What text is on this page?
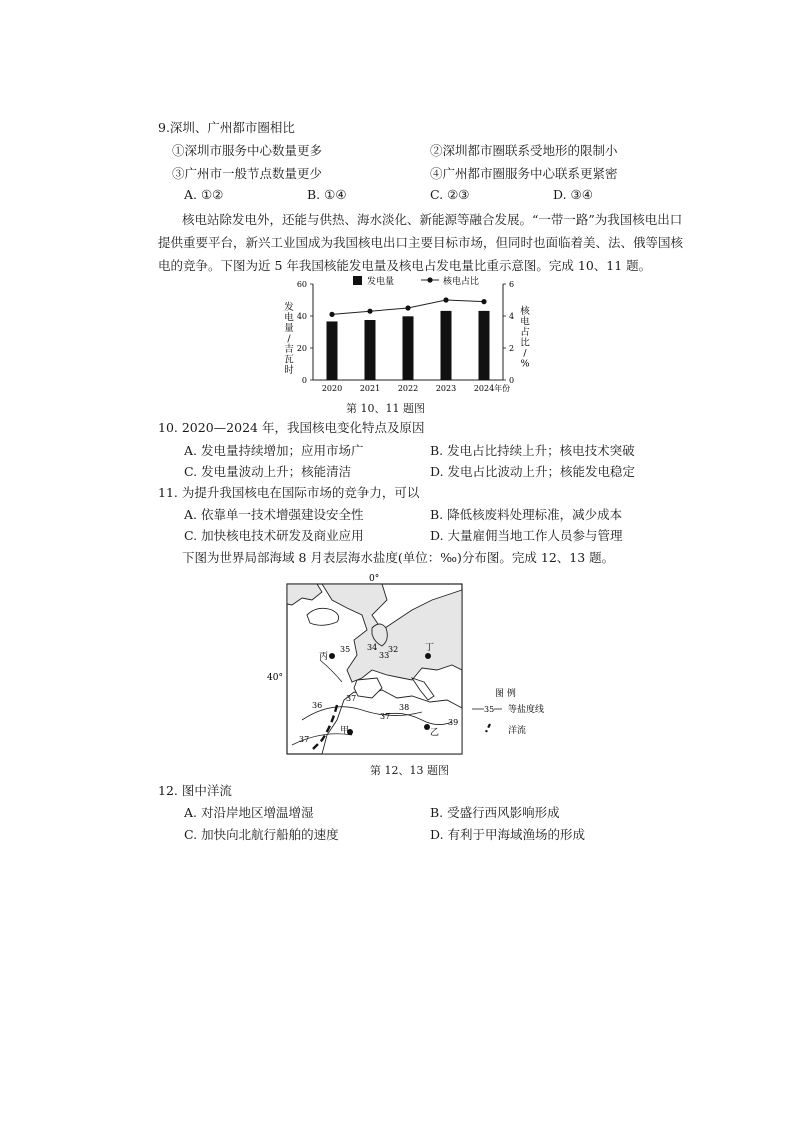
9.深圳、广州都市圈相比
①深圳市服务中心数量更多	②深圳都市圈联系受地形的限制小
③广州市一般节点数量更少	④广州都市圈服务中心联系更紧密
A. ①②	B. ①④	C. ②③	D. ③④
核电站除发电外，还能与供热、海水淡化、新能源等融合发展。“一带一路”为我国核电出口
提供重要平台，新兴工业国成为我国核电出口主要目标市场，但同时也面临着美、法、俄等国核
电的竞争。下图为近 5 年我国核能发电量及核电占发电量比重示意图。完成 10、11 题。
60
40
20
0
6
4
2
0
发
电
量
∕
吉
瓦
时
核
电
占
比
/
%
2020 2021 2022 2023 2024年份
发电量	核电占比
第 10、11 题图
10. 2020—2024 年，我国核电变化特点及原因
A. 发电量持续增加；应用市场广	B. 发电占比持续上升；核电技术突破
C. 发电量波动上升；核能清洁	D. 发电占比波动上升；核能发电稳定
11. 为提升我国核电在国际市场的竞争力，可以
A. 依靠单一技术增强建设安全性	B. 降低核废料处理标准，减少成本
C. 加快核电技术研发及商业应用	D. 大量雇佣当地工作人员参与管理
下图为世界局部海域 8 月表层海水盐度(单位：‰)分布图。完成 12、13 题。
0°
40°
35 34
33
32
36
37
38
39
37
37
丙
丁
甲	乙
图 例
35 等盐度线
洋流
第 12、13 题图
12. 图中洋流
A. 对沿岸地区增温增湿	B. 受盛行西风影响形成
C. 加快向北航行船舶的速度	D. 有利于甲海域渔场的形成
